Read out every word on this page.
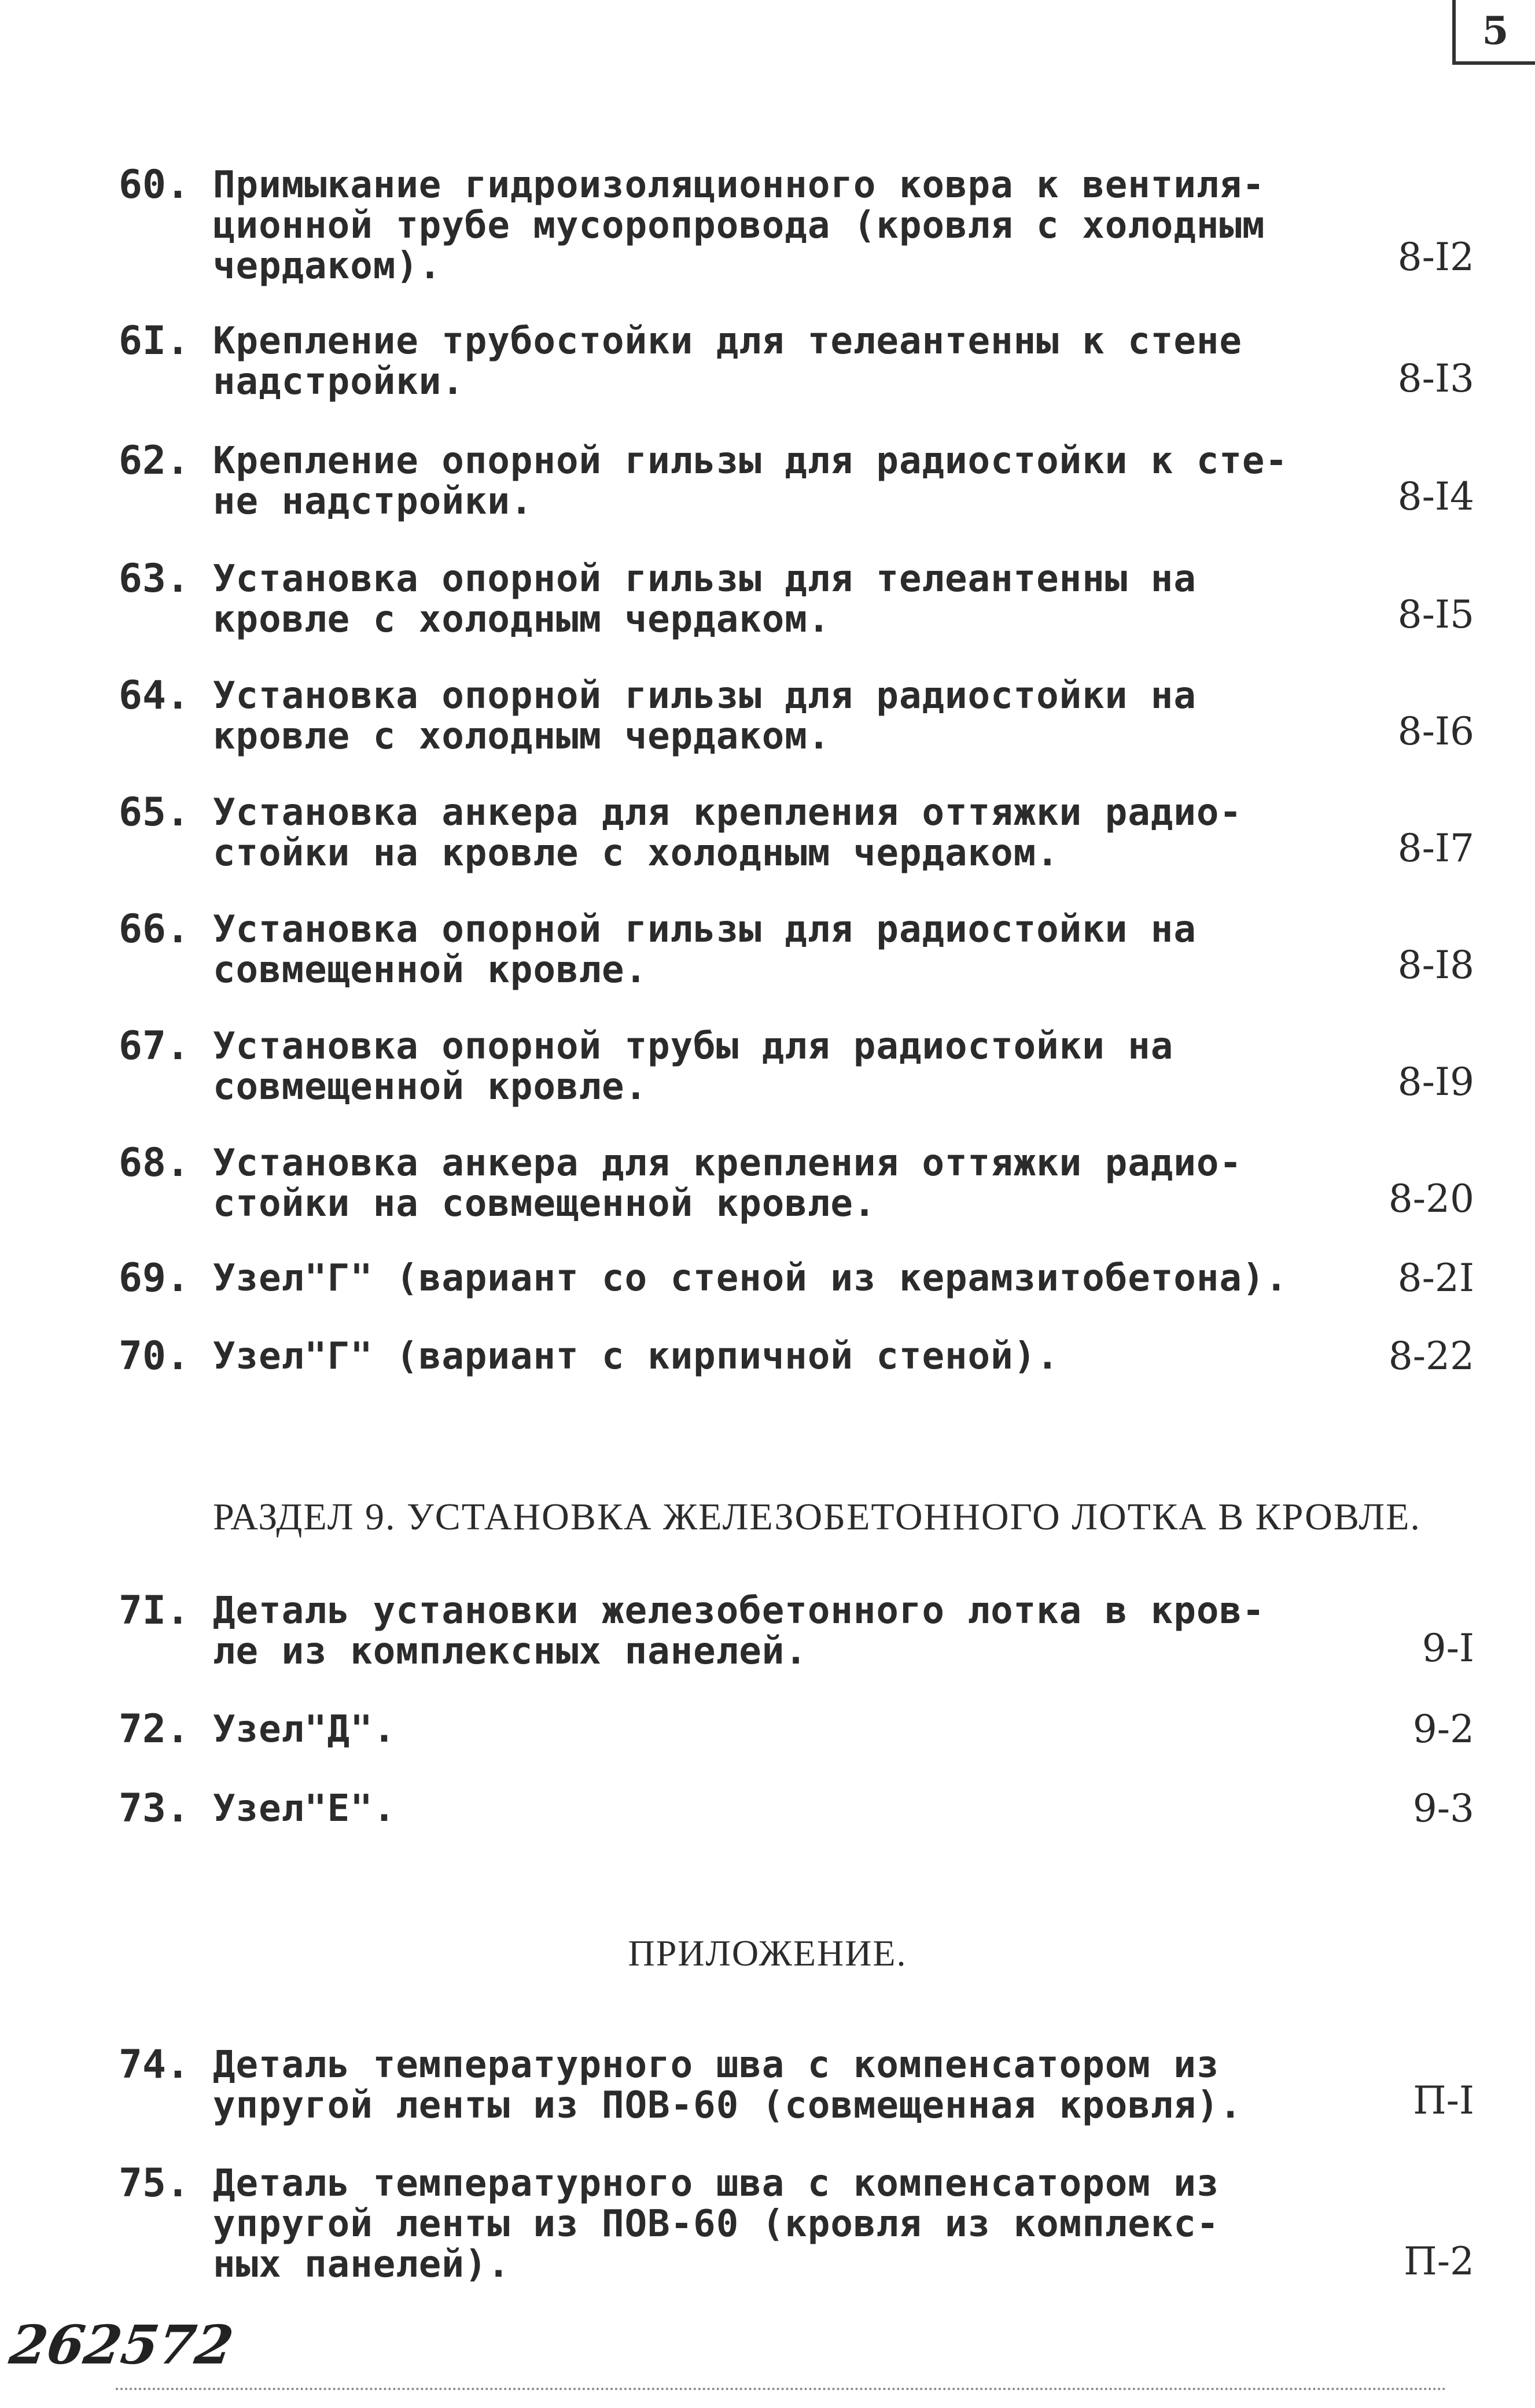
5
60. Примыкание гидроизоляционного ковра к вентиля-
ционной трубе мусоропровода (кровля с холодным
чердаком).	8-I2
6I. Крепление трубостойки для телеантенны к стене
надстройки.	8-I3
62. Крепление опорной гильзы для радиостойки к сте-
не надстройки.	8-I4
63. Установка опорной гильзы для телеантенны на
кровле с холодным чердаком.	8-I5
64. Установка опорной гильзы для радиостойки на
кровле с холодным чердаком.	8-I6
65. Установка анкера для крепления оттяжки радио-
стойки на кровле с холодным чердаком.	8-I7
66. Установка опорной гильзы для радиостойки на
совмещенной кровле.	8-I8
67. Установка опорной трубы для радиостойки на
совмещенной кровле.	8-I9
68. Установка анкера для крепления оттяжки радио-
стойки на совмещенной кровле.	8-20
69. Узел"Г" (вариант со стеной из керамзитобетона).	8-2I
70. Узел"Г" (вариант с кирпичной стеной).	8-22
РАЗДЕЛ 9. УСТАНОВКА ЖЕЛЕЗОБЕТОННОГО ЛОТКА В КРОВЛЕ.
7I. Деталь установки железобетонного лотка в кров-
ле из комплексных панелей.	9-I
72. Узел"Д".	9-2
73. Узел"Е".	9-3
ПРИЛОЖЕНИЕ.
74. Деталь температурного шва с компенсатором из
упругой ленты из ПОВ-60 (совмещенная кровля).	П-I
75. Деталь температурного шва с компенсатором из
упругой ленты из ПОВ-60 (кровля из комплекс-
ных панелей).	П-2
262572
